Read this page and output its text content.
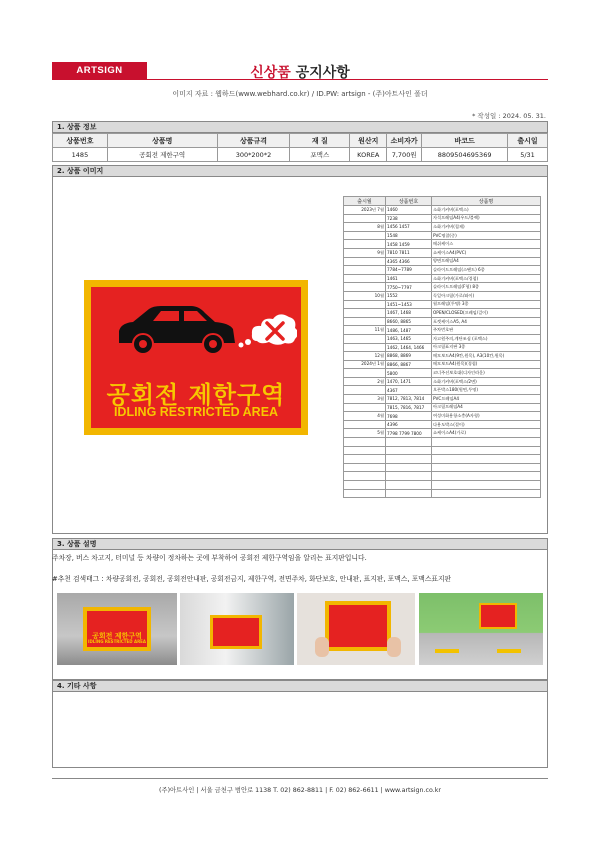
ARTSIGN	신상품 공지사항
이미지 자료 : 웹하드(www.webhard.co.kr) / ID.PW: artsign - (주)아트사인 폴더
* 작성일 : 2024. 05. 31.
1. 상품 정보
상품번호	상품명	상품규격	재 질	원산지	소비자가	바코드	출시일
1485	공회전 제한구역	300*200*2	포맥스	KOREA	7,700원	8809504695369	5/31
2. 상품 이미지
공회전 제한구역
IDLING RESTRICTED AREA
출시월	상품번호	상품명
2023년 7월	1460	소화기커버(포맥스)
	7238	자석프레임A4(우드/블랙)
8월	1456 1457	소화기커버(철제)
	1548	PVC명찰(중)
	1458 1459	메쉬케이스
9월	7810 7811	쇼케이스A4(PVC)
	4365 4366	양면프레임A4
	7784~7789	슬라이드프레임(스탠드) 6종
	1461	소화기커버(포맥스/경첩)
	7750~7797	슬라이드프레임(F형) 8종
10월	1552	독일아크릴(가로/와이)
	1451~1453	월프레임(투명) 3종
	1467, 1468	OPEN/CLOSED(프레임/걸이)
	8660, 8865	포켓케이스A5, A4
11월	1486, 1487	주차번호판
	1463, 1465	자고원주의,계단조심 (포맥스)
	1462, 1464, 1466	아크릴표지판 3종
12월	8868, 8869	메모보드A4(9칸,원목), A3(10칸,원목)
2024년 1월	8866, 8867	메모보드A4(원목)(경첩)
	5800	코너주선보호대(디자인라운)
2월	1470, 1471	소화기커버(포맥스/2면)
	4367	오픈박스180(원면,투명)
3월	7812, 7813, 7814	PVC프레임A4
	7815, 7816, 7817	아크릴프레임A4
4월	7698	여성미화용항소충(A자형)
	4396	다용도박스(결이)
5월	7798 7799 7800	쇼케이스A4(가로)

3. 상품 설명
주차장, 버스 차고지, 터미널 등 차량이 정차하는 곳에 부착하여 공회전 제한구역임을 알리는 표지판입니다.
#추천 검색태그 : 차량공회전, 공회전, 공회전안내판, 공회전금지, 제한구역, 전면주차, 화단보호, 안내판, 표지판, 포맥스, 포맥스표지판
공회전 제한구역
IDLING RESTRICTED AREA
4. 기타 사항
(주)아트사인 | 서울 금천구 범안로 1138 T. 02) 862-8811 | F. 02) 862-6611 | www.artsign.co.kr
